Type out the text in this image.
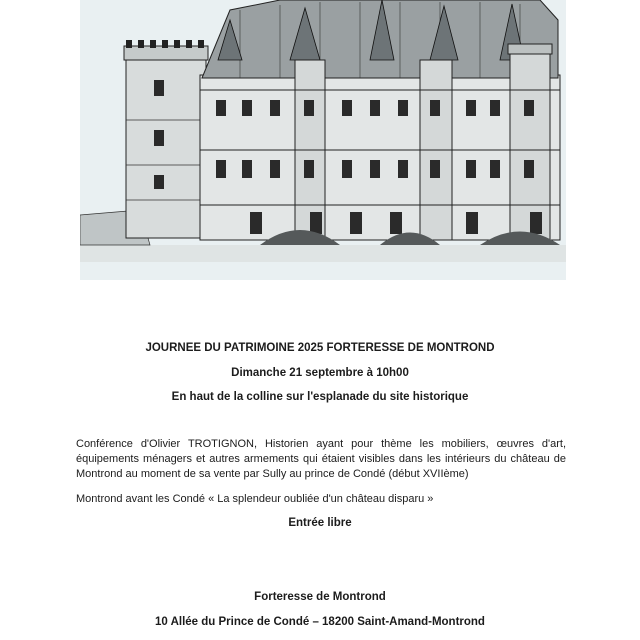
JOURNEE DU PATRIMOINE 2025 FORTERESSE DE MONTROND
Dimanche 21 septembre à 10h00
En haut de la colline sur l'esplanade du site historique
Conférence d'Olivier TROTIGNON, Historien ayant pour thème les mobiliers, œuvres d'art, équipements ménagers et autres armements qui étaient visibles dans les intérieurs du château de Montrond au moment de sa vente par Sully au prince de Condé (début XVIIème)
Montrond avant les Condé « La splendeur oubliée d'un château disparu »
Entrée libre
Forteresse de Montrond
10 Allée du Prince de Condé – 18200 Saint-Amand-Montrond
